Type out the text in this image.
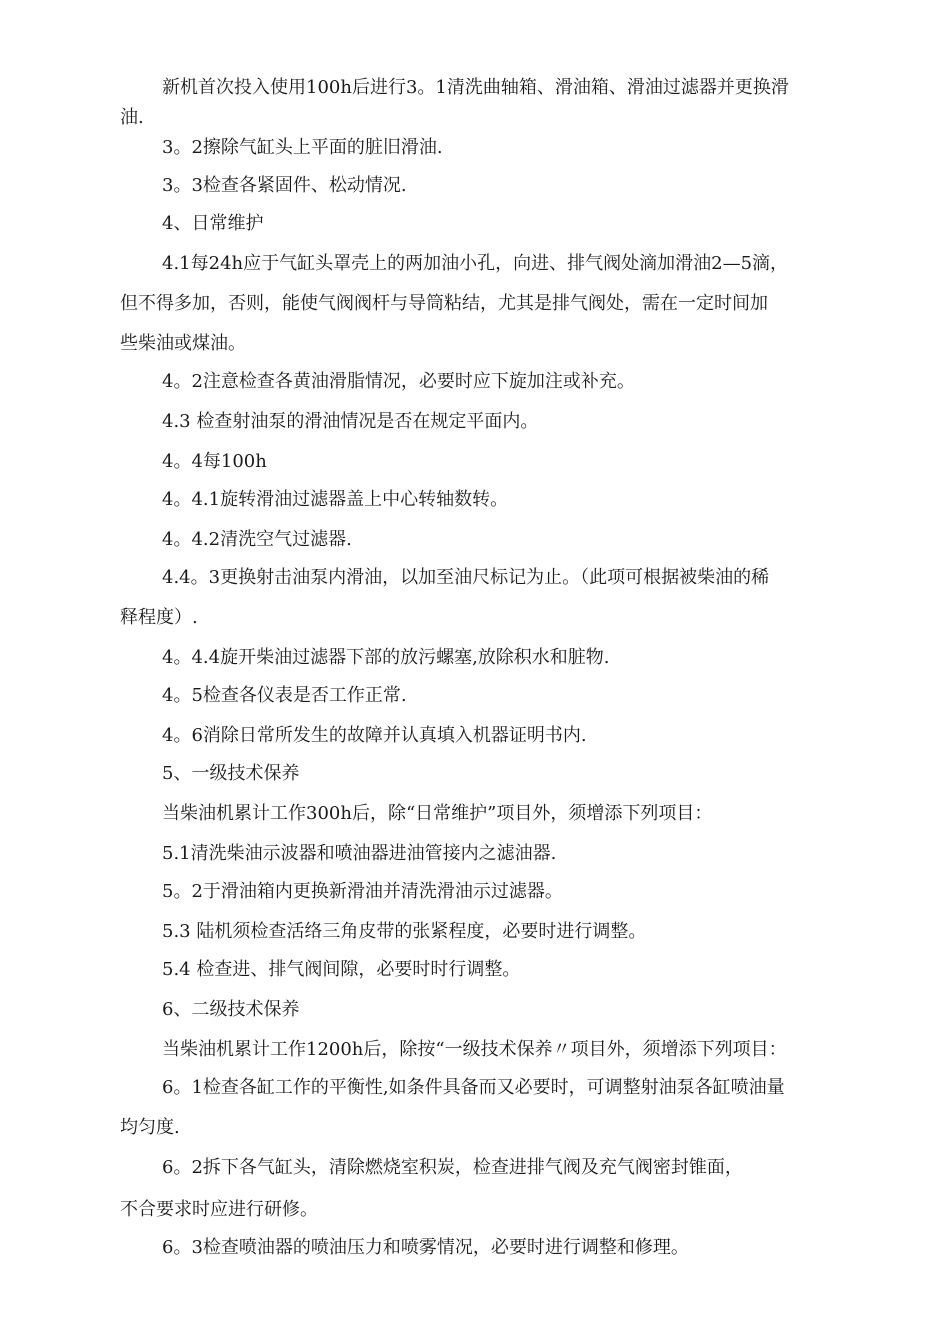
新机首次投入使用100h后进行3。1清洗曲轴箱、滑油箱、滑油过滤器并更换滑

油.

3。2擦除气缸头上平面的脏旧滑油.

3。3检查各紧固件、松动情况.

4、日常维护

4.1每24h应于气缸头罩壳上的两加油小孔，向进、排气阀处滴加滑油2—5滴，

但不得多加，否则，能使气阀阀杆与导筒粘结，尤其是排气阀处，需在一定时间加

些柴油或煤油。

4。2注意检查各黄油滑脂情况，必要时应下旋加注或补充。

4.3 检查射油泵的滑油情况是否在规定平面内。

4。4每100h

4。4.1旋转滑油过滤器盖上中心转轴数转。

4。4.2清洗空气过滤器.

4.4。3更换射击油泵内滑油，以加至油尺标记为止。（此项可根据被柴油的稀

释程度）.

4。4.4旋开柴油过滤器下部的放污螺塞,放除积水和脏物.

4。5检查各仪表是否工作正常.

4。6消除日常所发生的故障并认真填入机器证明书内.

5、一级技术保养

当柴油机累计工作300h后，除“日常维护”项目外，须增添下列项目：

5.1清洗柴油示波器和喷油器进油管接内之滤油器.

5。2于滑油箱内更换新滑油并清洗滑油示过滤器。

5.3 陆机须检查活络三角皮带的张紧程度，必要时进行调整。

5.4 检查进、排气阀间隙，必要时时行调整。

6、二级技术保养

当柴油机累计工作1200h后，除按“一级技术保养〃项目外，须增添下列项目：

6。1检查各缸工作的平衡性,如条件具备而又必要时，可调整射油泵各缸喷油量

均匀度.

6。2拆下各气缸头，清除燃烧室积炭，检查进排气阀及充气阀密封锥面，

不合要求时应进行研修。

6。3检查喷油器的喷油压力和喷雾情况，必要时进行调整和修理。
